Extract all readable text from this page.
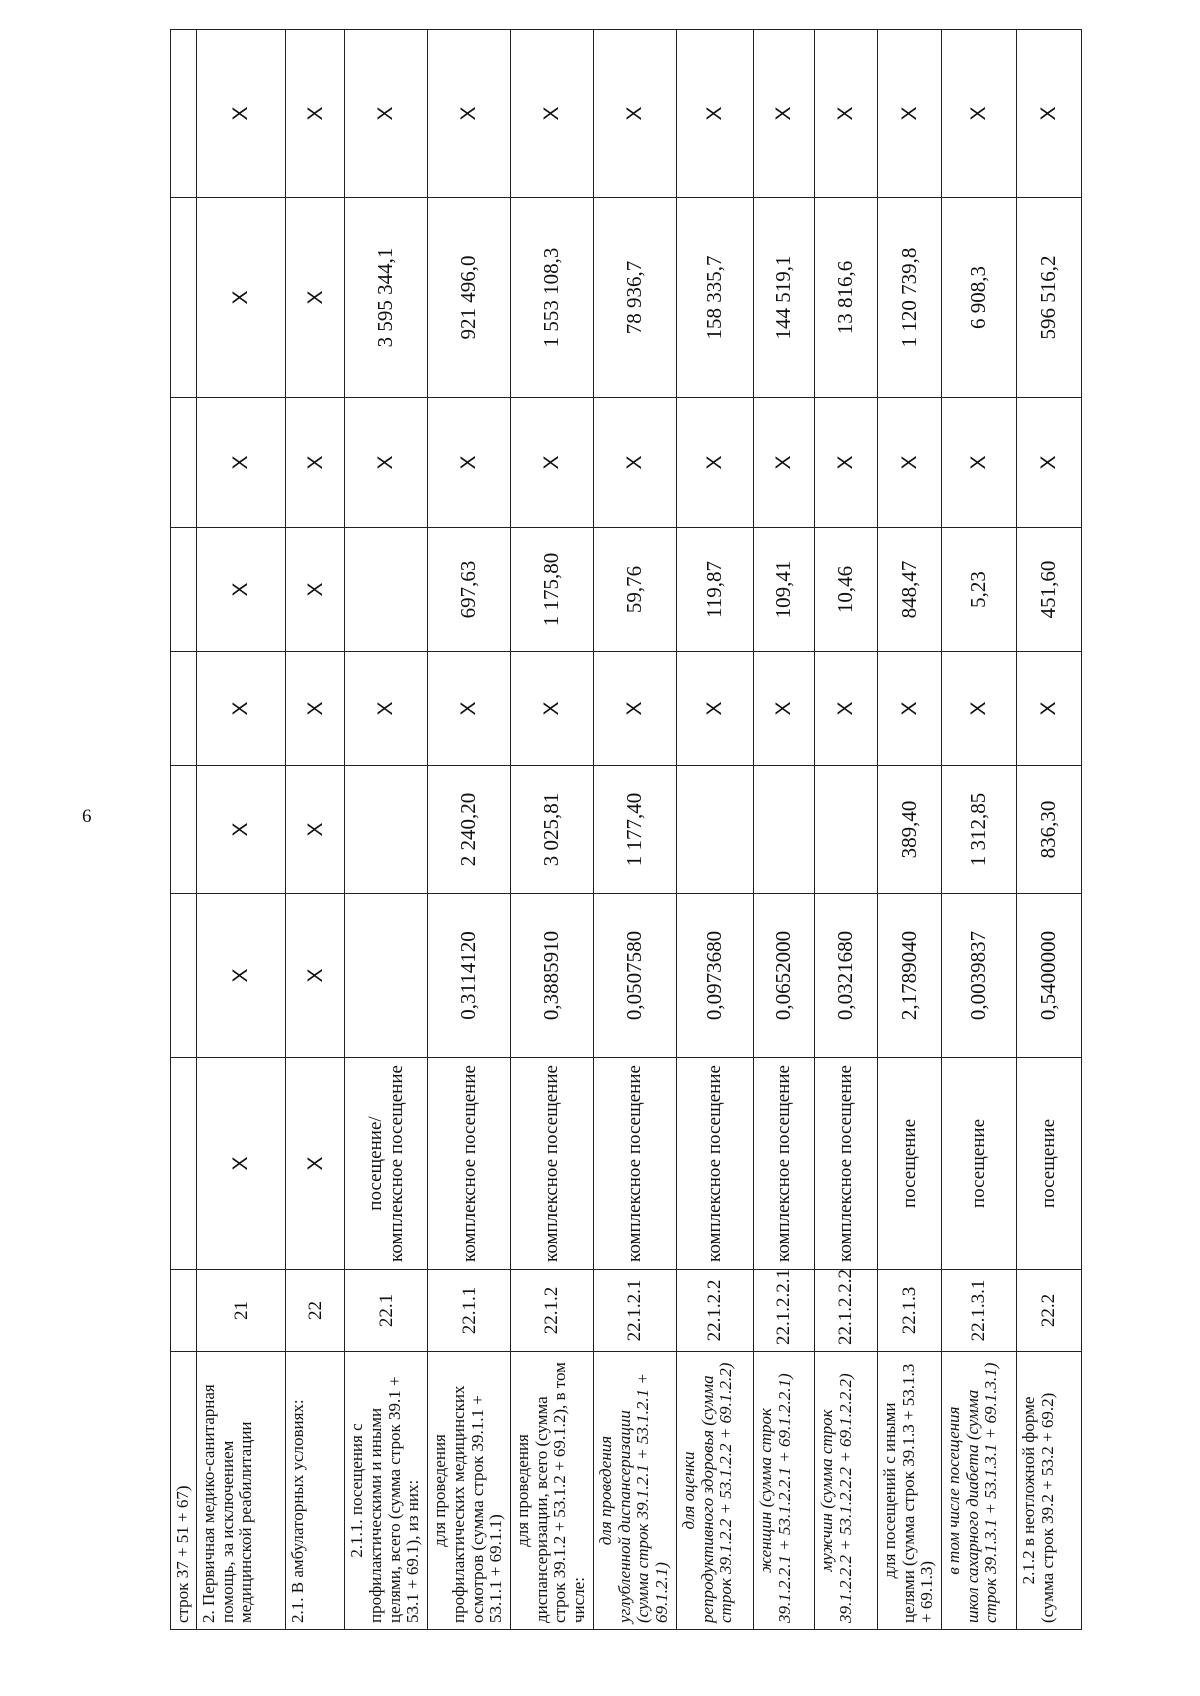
6
строк 37 + 51 + 67)									
2. Первичная медико-санитарная помощь, за исключением медицинской реабилитации	21	X	X	X	X	X	X	X	X
2.1. В амбулаторных условиях:	22	X	X	X	X	X	X	X	X

2.1.1. посещения с профилактическими и иными целями, всего (сумма строк 39.1 + 53.1 + 69.1), из них:	22.1	посещение/ комплексное посещение			X		X	3 595 344,1	X

для проведения профилактических медицинских осмотров (сумма строк 39.1.1 + 53.1.1 + 69.1.1)	22.1.1	комплексное посещение	0,3114120	2 240,20	X	697,63	X	921 496,0	X

для проведения диспансеризации, всего (сумма строк 39.1.2 + 53.1.2 + 69.1.2), в том числе:	22.1.2	комплексное посещение	0,3885910	3 025,81	X	1 175,80	X	1 553 108,3	X

для проведения углубленной диспансеризации (сумма строк 39.1.2.1 + 53.1.2.1 + 69.1.2.1)	22.1.2.1	комплексное посещение	0,0507580	1 177,40	X	59,76	X	78 936,7	X

для оценки репродуктивного здоровья (сумма строк 39.1.2.2 + 53.1.2.2 + 69.1.2.2)	22.1.2.2	комплексное посещение	0,0973680		X	119,87	X	158 335,7	X

женщин (сумма строк 39.1.2.2.1 + 53.1.2.2.1 + 69.1.2.2.1)	22.1.2.2.1	комплексное посещение	0,0652000		X	109,41	X	144 519,1	X

мужчин (сумма строк 39.1.2.2.2 + 53.1.2.2.2 + 69.1.2.2.2)	22.1.2.2.2	комплексное посещение	0,0321680		X	10,46	X	13 816,6	X

для посещений с иными целями (сумма строк 39.1.3 + 53.1.3 + 69.1.3)	22.1.3	посещение	2,1789040	389,40	X	848,47	X	1 120 739,8	X

в том числе посещения школ сахарного диабета (сумма строк 39.1.3.1 + 53.1.3.1 + 69.1.3.1)	22.1.3.1	посещение	0,0039837	1 312,85	X	5,23	X	6 908,3	X

2.1.2 в неотложной форме (сумма строк 39.2 + 53.2 + 69.2)	22.2	посещение	0,5400000	836,30	X	451,60	X	596 516,2	X
